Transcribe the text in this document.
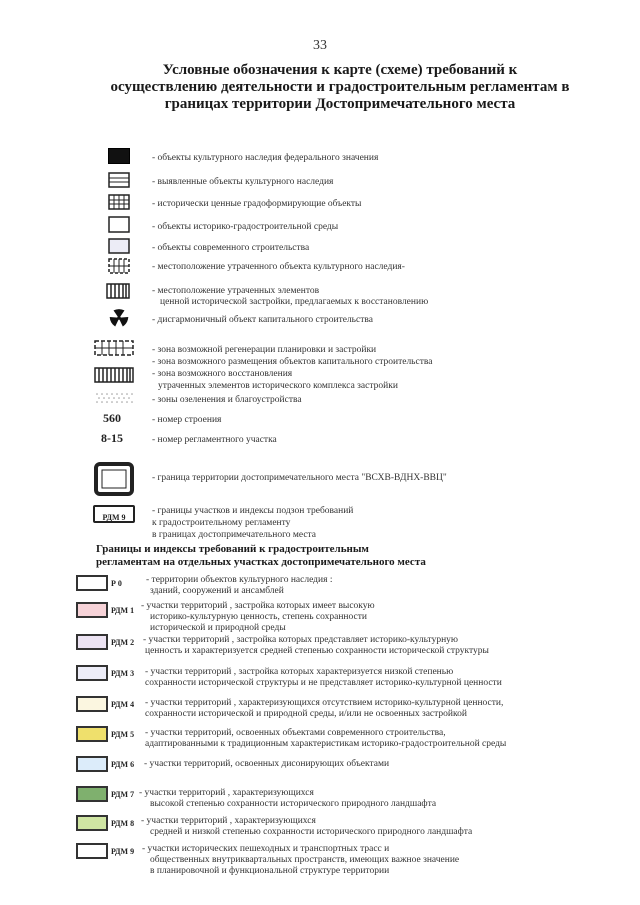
33
Условные обозначения к карте (схеме) требований к
осуществлению деятельности и градостроительным регламентам в
границах территории Достопримечательного места
- объекты культурного наследия федерального значения
- выявленные объекты культурного наследия
- исторически ценные градоформирующие объекты
- объекты историко-градостроительной среды
- объекты современного строительства
- местоположение утраченного объекта культурного наследия-
- местоположение утраченных элементов
ценной исторической застройки, предлагаемых к восстановлению
- дисгармоничный объект капитального строительства
- зона возможной регенерации планировки и застройки
- зона возможного размещения объектов капитального строительства
- зона возможного восстановления
утраченных элементов исторического комплекса застройки
- зоны озеленения и благоустройства
560	- номер строения
8-15	- номер регламентного участка
- граница территории достопримечательного места "ВСХВ-ВДНХ-ВВЦ"
РДМ 9
- границы участков и индексы подзон требований
к градостроительному регламенту
в границах достопримечательного места
Границы и индексы требований к градостроительным
регламентам на отдельных участках достопримечательного места
Р 0	- территории объектов культурного наследия :
зданий, сооружений и ансамблей
РДМ 1 - участки территорий , застройка которых имеет высокую
историко-культурную ценность, степень сохранности
исторической и природной среды
РДМ 2 - участки территорий , застройка которых представляет историко-культурную
ценность и характеризуется средней степенью сохранности исторической структуры
РДМ 3 - участки территорий , застройка которых характеризуется низкой степенью
сохранности исторической структуры и не представляет историко-культурной ценности
РДМ 4 - участки территорий , характеризующихся отсутствием историко-культурной ценности,
сохранности исторической и природной среды, и/или не освоенных застройкой
РДМ 5 - участки территорий, освоенных объектами современного строительства,
адаптированными к традиционным характеристикам историко-градостроительной среды
РДМ 6 - участки территорий, освоенных дисонирующих объектами
РДМ 7 - участки территорий , характеризующихся
высокой степенью сохранности исторического природного ландшафта
РДМ 8 - участки территорий , характеризующихся
средней и низкой степенью сохранности исторического природного ландшафта
РДМ 9 - участки исторических пешеходных и транспортных трасс и
общественных внутриквартальных пространств, имеющих важное значение
в планировочной и функциональной структуре территории
